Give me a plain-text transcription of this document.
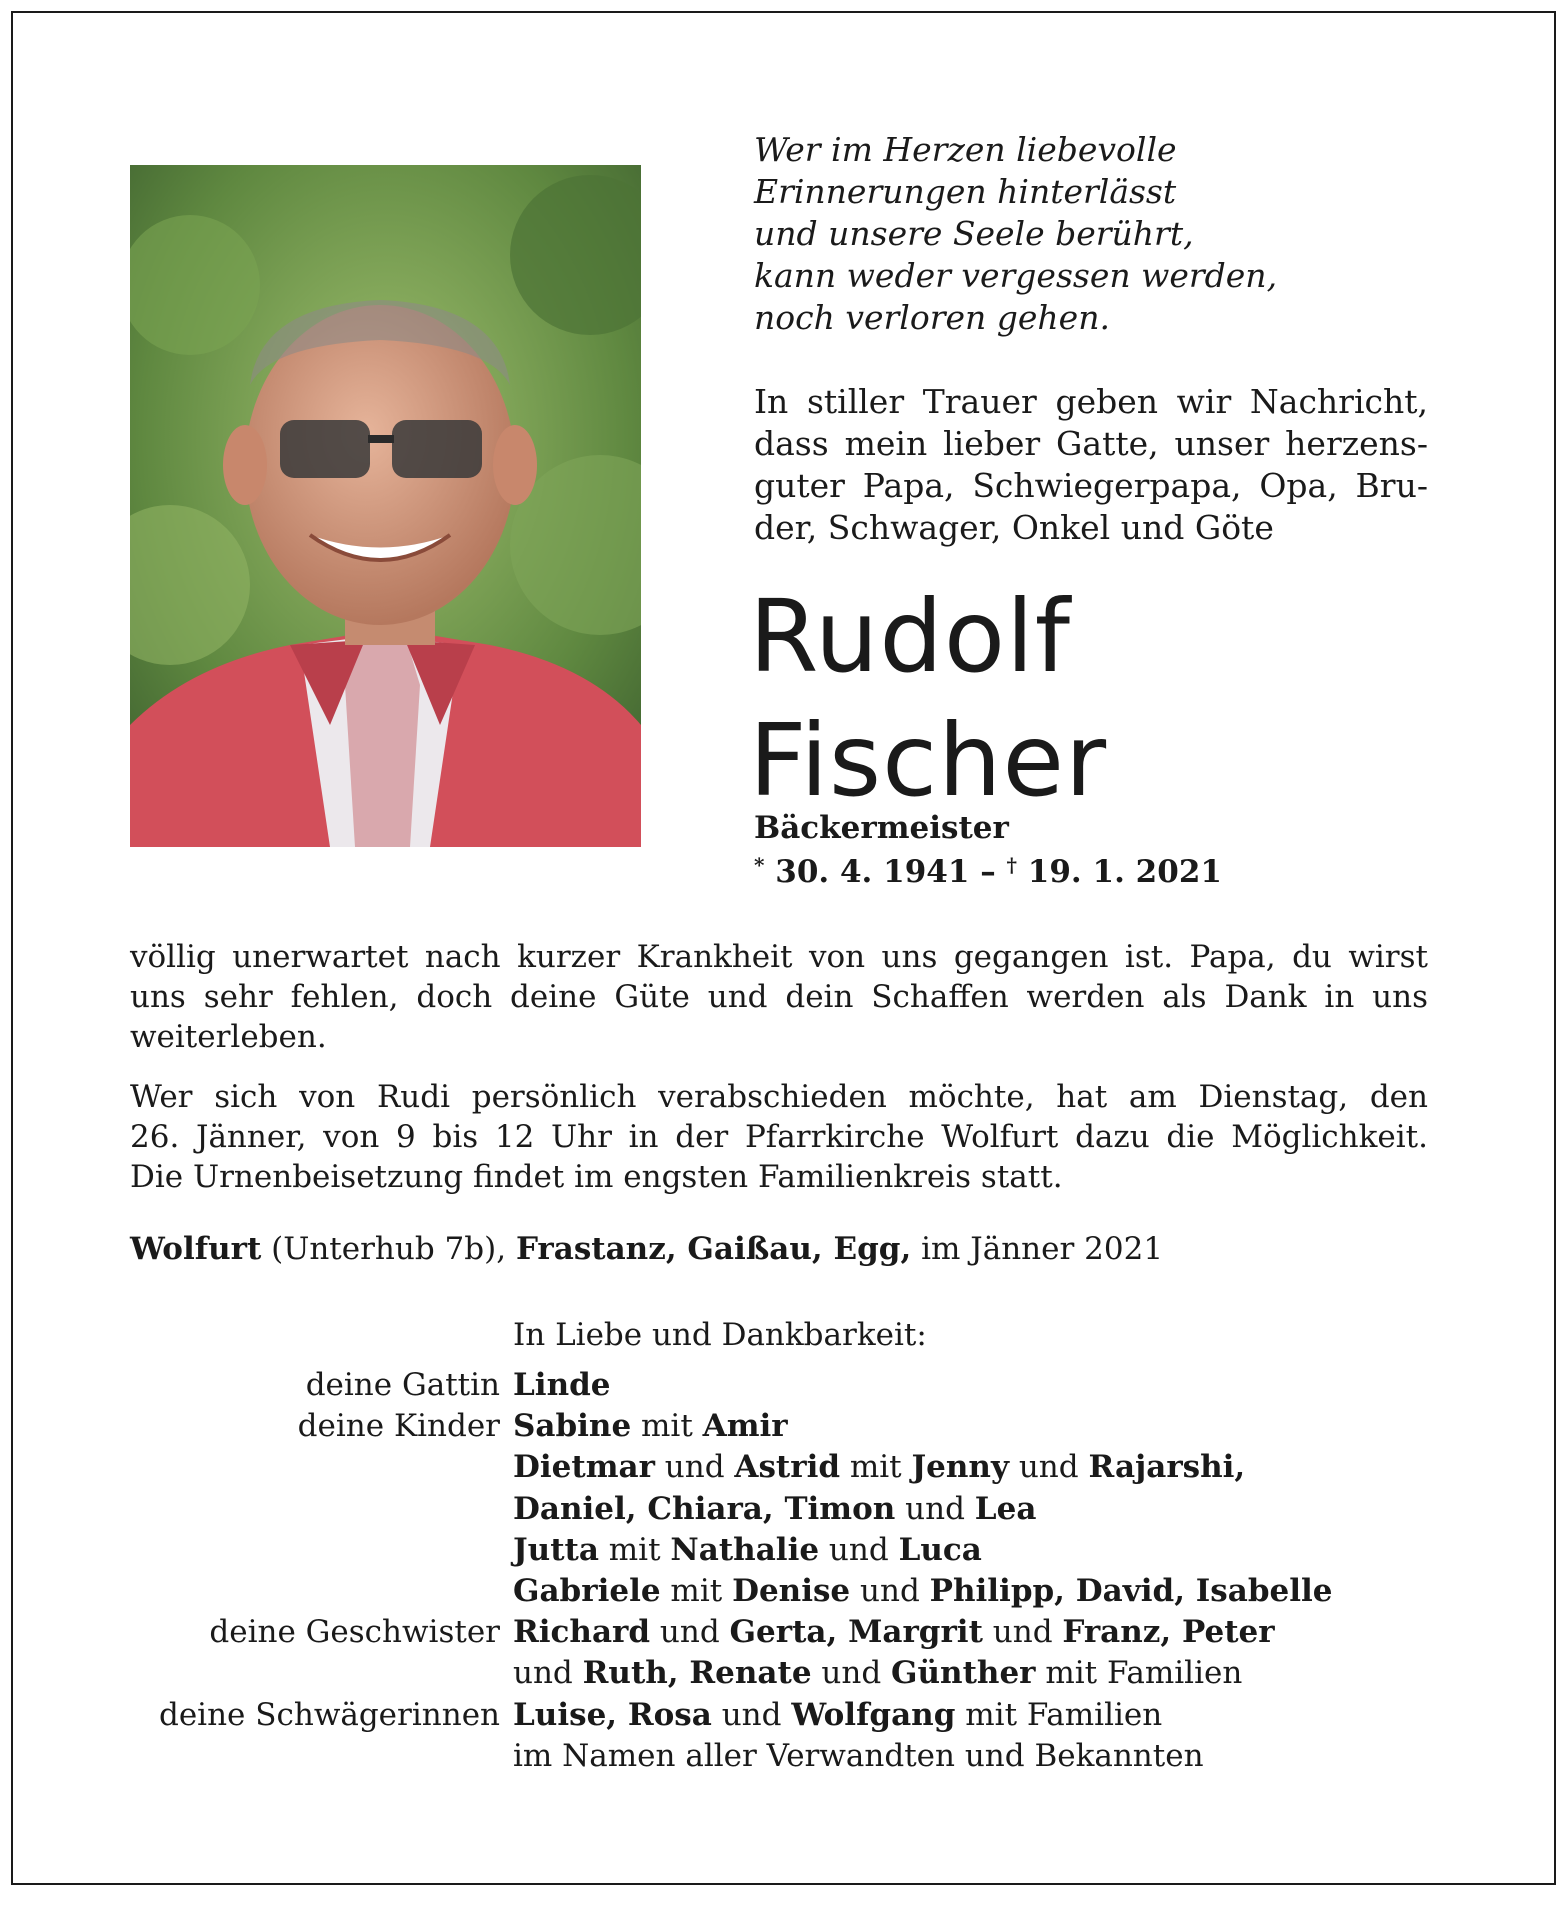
Wer im Herzen liebevolle
Erinnerungen hinterlässt
und unsere Seele berührt,
kann weder vergessen werden,
noch verloren gehen.
In stiller Trauer geben wir Nachricht,
dass mein lieber Gatte, unser herzens-
guter Papa, Schwiegerpapa, Opa, Bru-
der, Schwager, Onkel und Göte
Rudolf
Fischer
Bäckermeister
* 30. 4. 1941 – † 19. 1. 2021
völlig unerwartet nach kurzer Krankheit von uns gegangen ist. Papa, du wirst
uns sehr fehlen, doch deine Güte und dein Schaffen werden als Dank in uns
weiterleben.
Wer sich von Rudi persönlich verabschieden möchte, hat am Dienstag, den
26. Jänner, von 9 bis 12 Uhr in der Pfarrkirche Wolfurt dazu die Möglichkeit.
Die Urnenbeisetzung findet im engsten Familienkreis statt.
Wolfurt (Unterhub 7b), Frastanz, Gaißau, Egg, im Jänner 2021
In Liebe und Dankbarkeit:
deine Gattin Linde
deine Kinder Sabine mit Amir
Dietmar und Astrid mit Jenny und Rajarshi,
Daniel, Chiara, Timon und Lea
Jutta mit Nathalie und Luca
Gabriele mit Denise und Philipp, David, Isabelle
deine Geschwister Richard und Gerta, Margrit und Franz, Peter
und Ruth, Renate und Günther mit Familien
deine Schwägerinnen Luise, Rosa und Wolfgang mit Familien
im Namen aller Verwandten und Bekannten
